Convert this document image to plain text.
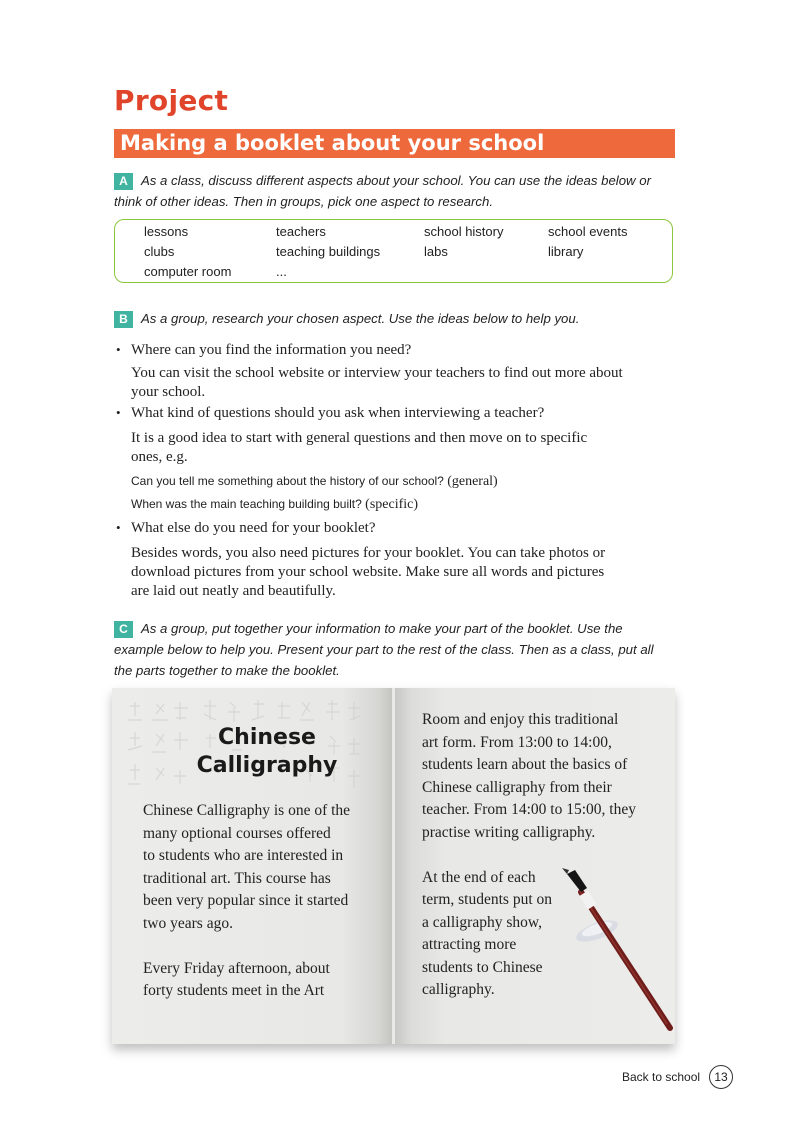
Project
Making a booklet about your school
A As a class, discuss different aspects about your school. You can use the ideas below or
think of other ideas. Then in groups, pick one aspect to research.
lessons	teachers	school history	school events
clubs	teaching buildings	labs	library
computer room	...
B As a group, research your chosen aspect. Use the ideas below to help you.
• Where can you find the information you need?
You can visit the school website or interview your teachers to find out more about
your school.
• What kind of questions should you ask when interviewing a teacher?
It is a good idea to start with general questions and then move on to specific
ones, e.g.
Can you tell me something about the history of our school? (general)
When was the main teaching building built? (specific)
• What else do you need for your booklet?
Besides words, you also need pictures for your booklet. You can take photos or
download pictures from your school website. Make sure all words and pictures
are laid out neatly and beautifully.
C As a group, put together your information to make your part of the booklet. Use the
example below to help you. Present your part to the rest of the class. Then as a class, put all
the parts together to make the booklet.
Chinese
Calligraphy
Chinese Calligraphy is one of the
many optional courses offered
to students who are interested in
traditional art. This course has
been very popular since it started
two years ago.
Every Friday afternoon, about
forty students meet in the Art
Room and enjoy this traditional
art form. From 13:00 to 14:00,
students learn about the basics of
Chinese calligraphy from their
teacher. From 14:00 to 15:00, they
practise writing calligraphy.
At the end of each
term, students put on
a calligraphy show,
attracting more
students to Chinese
calligraphy.
Back to school	13
